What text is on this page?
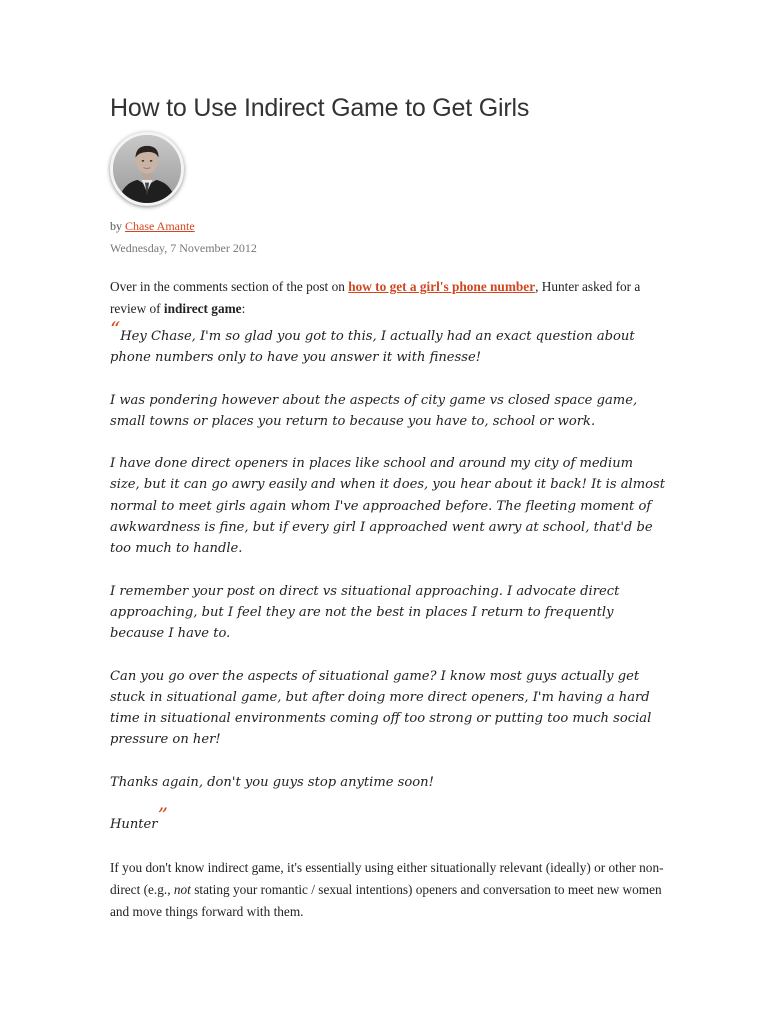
How to Use Indirect Game to Get Girls
by Chase Amante
Wednesday, 7 November 2012

Over in the comments section of the post on how to get a girl's phone number, Hunter asked for a review of indirect game:

“Hey Chase, I'm so glad you got to this, I actually had an exact question about phone numbers only to have you answer it with finesse!

I was pondering however about the aspects of city game vs closed space game, small towns or places you return to because you have to, school or work.

I have done direct openers in places like school and around my city of medium size, but it can go awry easily and when it does, you hear about it back! It is almost normal to meet girls again whom I've approached before. The fleeting moment of awkwardness is fine, but if every girl I approached went awry at school, that'd be too much to handle.

I remember your post on direct vs situational approaching. I advocate direct approaching, but I feel they are not the best in places I return to frequently because I have to.

Can you go over the aspects of situational game? I know most guys actually get stuck in situational game, but after doing more direct openers, I'm having a hard time in situational environments coming off too strong or putting too much social pressure on her!

Thanks again, don't you guys stop anytime soon!

Hunter”

If you don't know indirect game, it's essentially using either situationally relevant (ideally) or other non-direct (e.g., not stating your romantic / sexual intentions) openers and conversation to meet new women and move things forward with them.
